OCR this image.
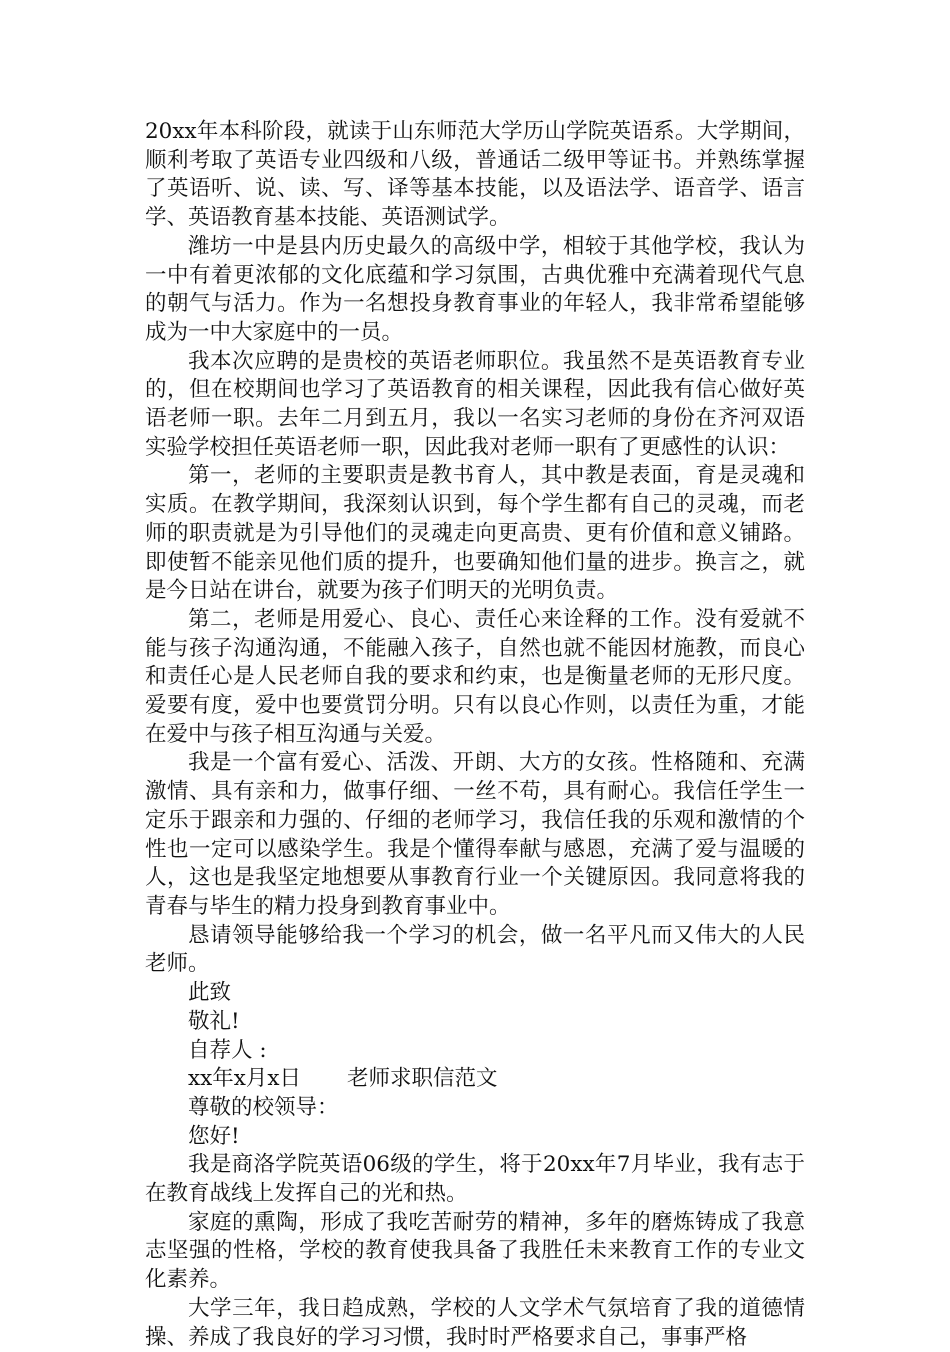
20xx年本科阶段，就读于山东师范大学历山学院英语系。大学期间，顺利考取了英语专业四级和八级，普通话二级甲等证书。并熟练掌握了英语听、说、读、写、译等基本技能，以及语法学、语音学、语言学、英语教育基本技能、英语测试学。

潍坊一中是县内历史最久的高级中学，相较于其他学校，我认为一中有着更浓郁的文化底蕴和学习氛围，古典优雅中充满着现代气息的朝气与活力。作为一名想投身教育事业的年轻人，我非常希望能够成为一中大家庭中的一员。

我本次应聘的是贵校的英语老师职位。我虽然不是英语教育专业的，但在校期间也学习了英语教育的相关课程，因此我有信心做好英语老师一职。去年二月到五月，我以一名实习老师的身份在齐河双语实验学校担任英语老师一职，因此我对老师一职有了更感性的认识：

第一，老师的主要职责是教书育人，其中教是表面，育是灵魂和实质。在教学期间，我深刻认识到，每个学生都有自己的灵魂，而老师的职责就是为引导他们的灵魂走向更高贵、更有价值和意义铺路。即使暂不能亲见他们质的提升，也要确知他们量的进步。换言之，就是今日站在讲台，就要为孩子们明天的光明负责。

第二，老师是用爱心、良心、责任心来诠释的工作。没有爱就不能与孩子沟通沟通，不能融入孩子，自然也就不能因材施教，而良心和责任心是人民老师自我的要求和约束，也是衡量老师的无形尺度。爱要有度，爱中也要赏罚分明。只有以良心作则，以责任为重，才能在爱中与孩子相互沟通与关爱。

我是一个富有爱心、活泼、开朗、大方的女孩。性格随和、充满激情、具有亲和力，做事仔细、一丝不苟，具有耐心。我信任学生一定乐于跟亲和力强的、仔细的老师学习，我信任我的乐观和激情的个性也一定可以感染学生。我是个懂得奉献与感恩，充满了爱与温暖的人，这也是我坚定地想要从事教育行业一个关键原因。我同意将我的青春与毕生的精力投身到教育事业中。

恳请领导能够给我一个学习的机会，做一名平凡而又伟大的人民老师。

此致

敬礼!

自荐人 :

xx年x月x日 老师求职信范文

尊敬的校领导：

您好!

我是商洛学院英语06级的学生，将于20xx年7月毕业，我有志于在教育战线上发挥自己的光和热。

家庭的熏陶，形成了我吃苦耐劳的精神，多年的磨炼铸成了我意志坚强的性格，学校的教育使我具备了我胜任未来教育工作的专业文化素养。

大学三年，我日趋成熟，学校的人文学术气氛培育了我的道德情操、养成了我良好的学习习惯，我时时严格要求自己，事事严格
